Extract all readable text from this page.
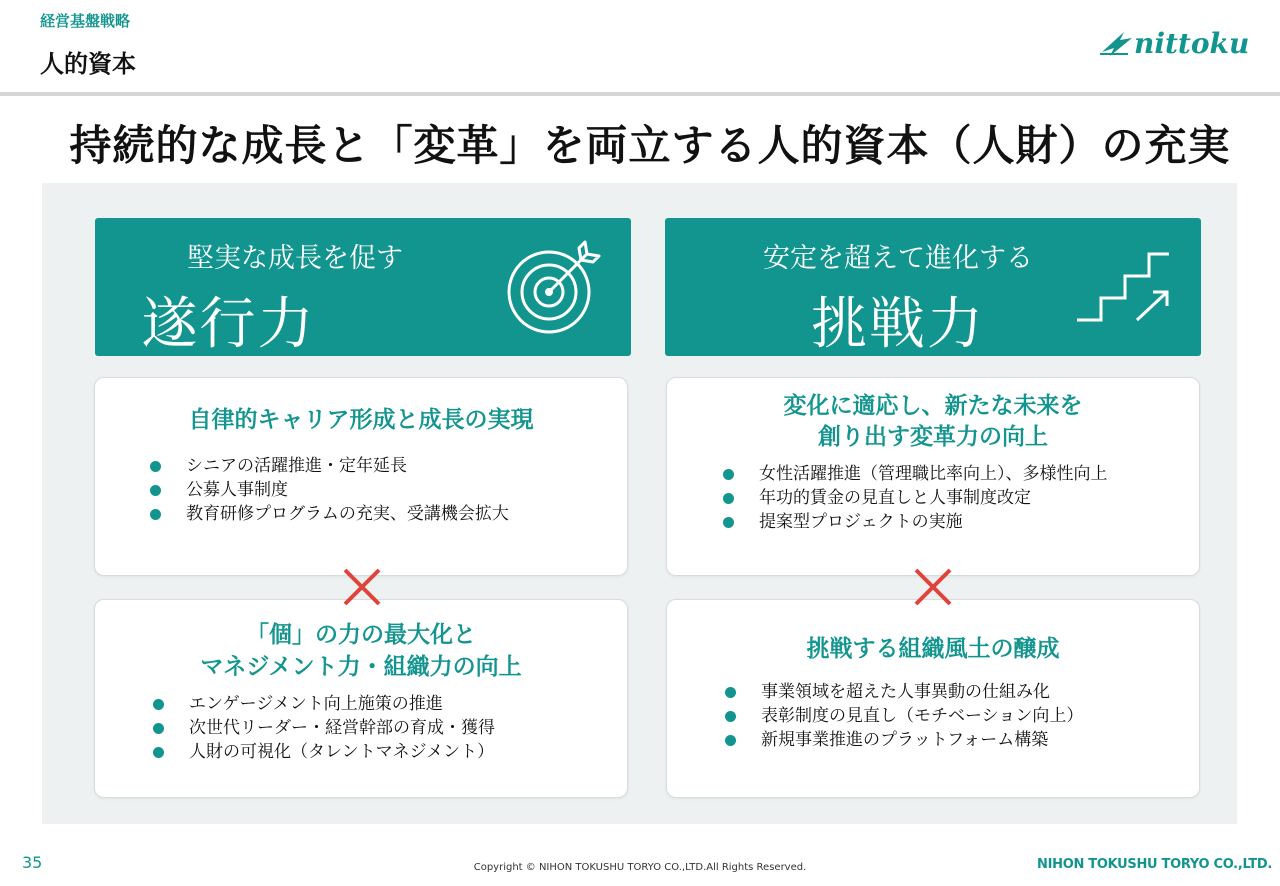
経営基盤戦略
人的資本
nittoku
持続的な成長と「変革」を両立する人的資本（人財）の充実
堅実な成長を促す
遂行力
安定を超えて進化する
挑戦力
自律的キャリア形成と成長の実現
シニアの活躍推進・定年延長
公募人事制度
教育研修プログラムの充実、受講機会拡大
変化に適応し、新たな未来を
創り出す変革力の向上
女性活躍推進（管理職比率向上）、多様性向上
年功的賃金の見直しと人事制度改定
提案型プロジェクトの実施
「個」の力の最大化と
マネジメント力・組織力の向上
エンゲージメント向上施策の推進
次世代リーダー・経営幹部の育成・獲得
人財の可視化（タレントマネジメント）
挑戦する組織風土の醸成
事業領域を超えた人事異動の仕組み化
表彰制度の見直し（モチベーション向上）
新規事業推進のプラットフォーム構築
35	Copyright © NIHON TOKUSHU TORYO CO.,LTD.All Rights Reserved.	NIHON TOKUSHU TORYO CO.,LTD.
